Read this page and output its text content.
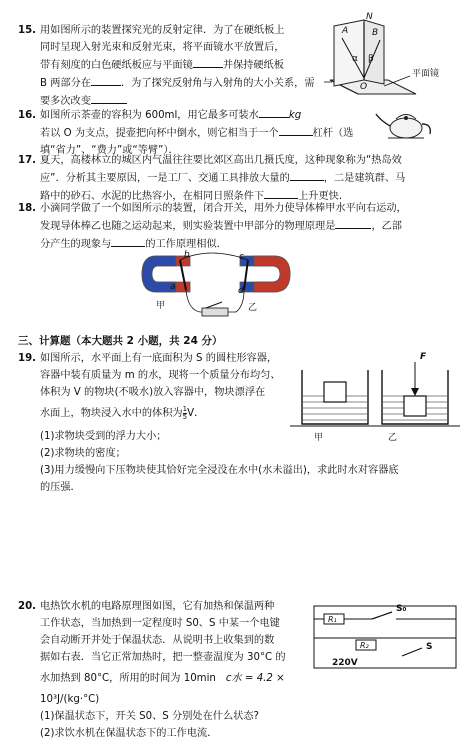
15. 用如图所示的装置探究光的反射定律．为了在硬纸板上
同时呈现入射光束和反射光束，将平面镜水平放置后，
带有刻度的白色硬纸板应与平面镜	并保持硬纸板
B 两部分在	．为了探究反射角与入射角的大小关系，需
要多次改变
N
A	B
α β
O
平面镜
16. 如图所示茶壶的容积为 600ml，用它最多可装水	kg
若以 O 为支点，提壶把向杯中倒水，则它相当于一个	杠杆（选
填“省力”、“费力”或“等臂”）．
17. 夏天，高楼林立的城区内气温往往要比郊区高出几摄氏度，这种现象称为“热岛效
应”．分析其主要原因，一是工厂、交通工具排放大量的	，二是建筑群、马
路中的砂石、水泥的比热容小，在相同日照条件下	上升更快．
18. 小滴同学做了一个如图所示的装置，闭合开关，用外力使导体棒甲水平向右运动，
发现导体棒乙也随之运动起来，则实验装置中甲部分的物理原理是	，乙部
分产生的现象与	的工作原理相似．
a
b	c
d
甲	乙
三、计算题（本大题共 2 小题，共 24 分）
19. 如图所示，水平面上有一底面积为 S 的圆柱形容器，
容器中装有质量为 m 的水，现将一个质量分布均匀、
体积为 V 的物块(不吸水)放入容器中，物块漂浮在
水面上，物块浸入水中的体积为 $\frac{1}{5}$ V．
(1)求物块受到的浮力大小；
(2)求物块的密度；
(3)用力缓慢向下压物块使其恰好完全浸没在水中(水未溢出)，求此时水对容器底
的压强．
F
甲	乙
20. 电热饮水机的电路原理图如图，它有加热和保温两种
工作状态，当加热到一定程度时 S0、S 中某一个电键
会自动断开并处于保温状态．从说明书上收集到的数
据如右表．当它正常加热时，把一整壶温度为 30°C 的
水加热到 80°C，所用的时间为 10min c水 = 4.2 ×
10³J/(kg·°C)
(1)保温状态下，开关 S0、S 分别处在什么状态?
(2)求饮水机在保温状态下的工作电流．
R₁
S₀
R₂	S
220V
